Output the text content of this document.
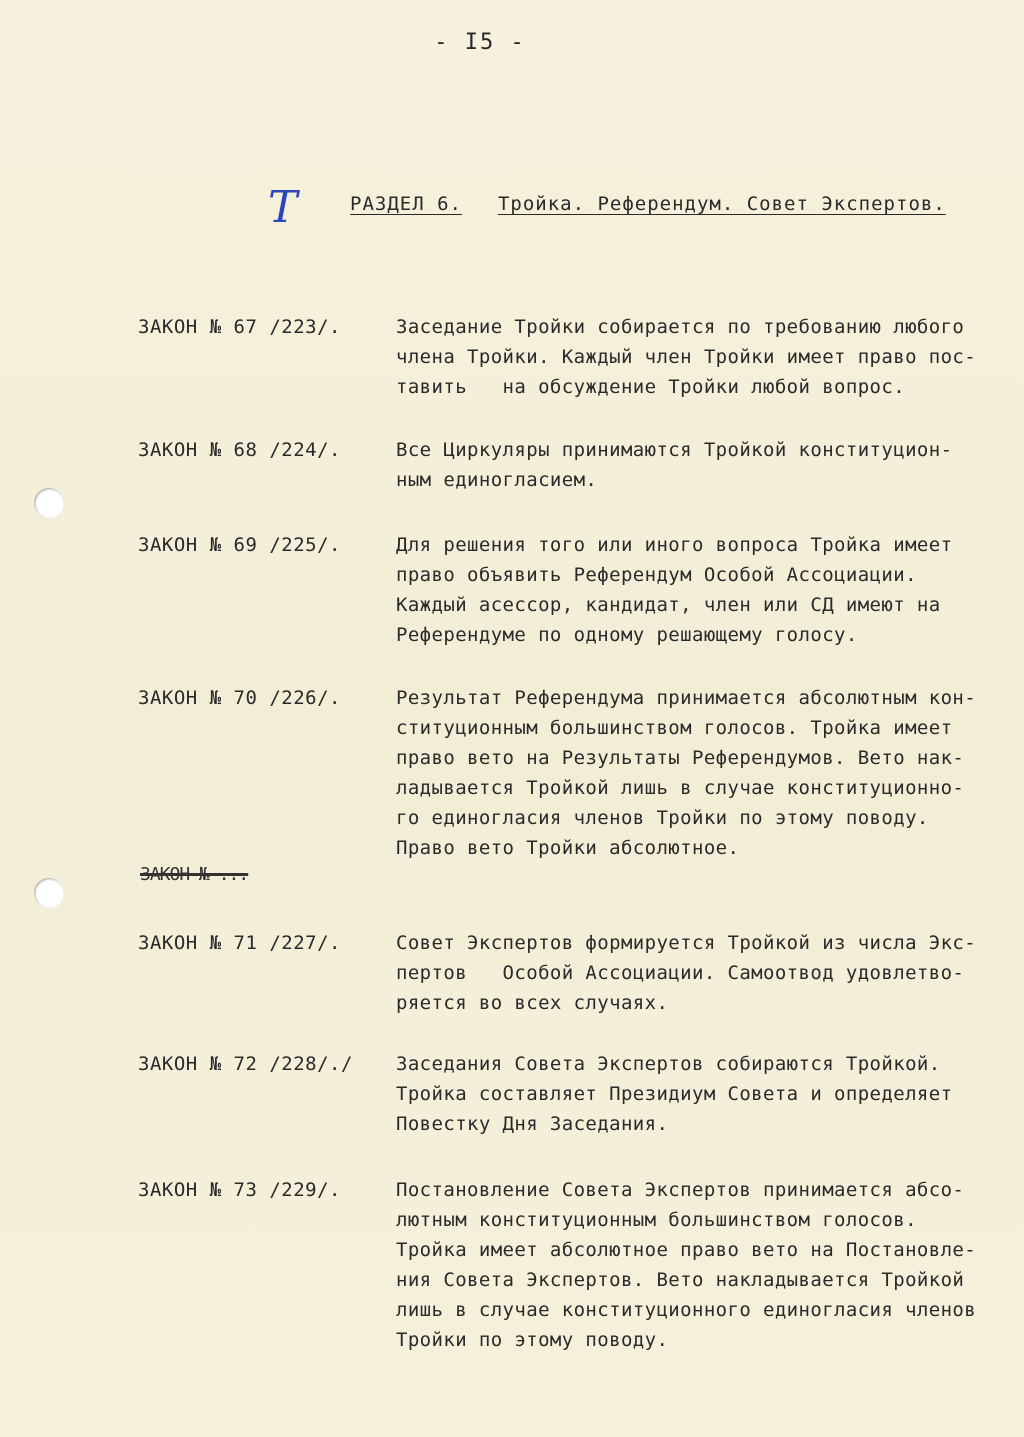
- I5 -
T	РАЗДЕЛ 6. Тройка. Референдум. Совет Экспертов.
ЗАКОН № 67 /223/.	Заседание Тройки собирается по требованию любого
члена Тройки. Каждый член Тройки имеет право пос-
тавить   на обсуждение Тройки любой вопрос.
ЗАКОН № 68 /224/.	Все Циркуляры принимаются Тройкой конституцион-
ным единогласием.
ЗАКОН № 69 /225/.	Для решения того или иного вопроса Тройка имеет
право объявить Референдум Особой Ассоциации.
Каждый асессор, кандидат, член или СД имеют на
Референдуме по одному решающему голосу.
ЗАКОН № 70 /226/.	Результат Референдума принимается абсолютным кон-
ституционным большинством голосов. Тройка имеет
право вето на Результаты Референдумов. Вето нак-
ладывается Тройкой лишь в случае конституционно-
го единогласия членов Тройки по этому поводу.
Право вето Тройки абсолютное.
ЗАКОН № ...
ЗАКОН № 71 /227/.	Совет Экспертов формируется Тройкой из числа Экс-
пертов   Особой Ассоциации. Самоотвод удовлетво-
ряется во всех случаях.
ЗАКОН № 72 /228/./ Заседания Совета Экспертов собираются Тройкой.
Тройка составляет Президиум Совета и определяет
Повестку Дня Заседания.
ЗАКОН № 73 /229/.	Постановление Совета Экспертов принимается абсо-
лютным конституционным большинством голосов.
Тройка имеет абсолютное право вето на Постановле-
ния Совета Экспертов. Вето накладывается Тройкой
лишь в случае конституционного единогласия членов
Тройки по этому поводу.
